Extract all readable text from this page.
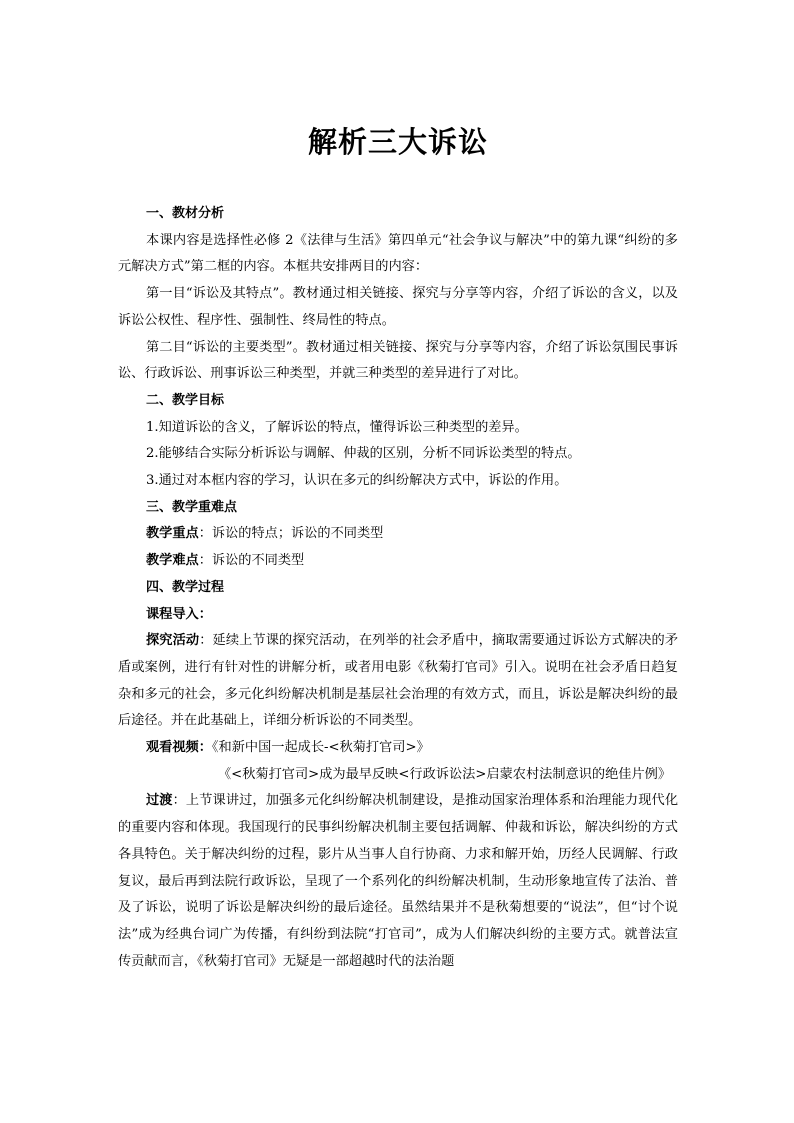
解析三大诉讼

一、教材分析

本课内容是选择性必修 2《法律与生活》第四单元“社会争议与解决”中的第九课“纠纷的多元解决方式”第二框的内容。本框共安排两目的内容：

第一目“诉讼及其特点”。教材通过相关链接、探究与分享等内容，介绍了诉讼的含义，以及诉讼公权性、程序性、强制性、终局性的特点。

第二目“诉讼的主要类型”。教材通过相关链接、探究与分享等内容，介绍了诉讼氛围民事诉讼、行政诉讼、刑事诉讼三种类型，并就三种类型的差异进行了对比。

二、教学目标

1.知道诉讼的含义，了解诉讼的特点，懂得诉讼三种类型的差异。

2.能够结合实际分析诉讼与调解、仲裁的区别，分析不同诉讼类型的特点。

3.通过对本框内容的学习，认识在多元的纠纷解决方式中，诉讼的作用。

三、教学重难点

教学重点：诉讼的特点；诉讼的不同类型

教学难点：诉讼的不同类型

四、教学过程

课程导入：

探究活动：延续上节课的探究活动，在列举的社会矛盾中，摘取需要通过诉讼方式解决的矛盾或案例，进行有针对性的讲解分析，或者用电影《秋菊打官司》引入。说明在社会矛盾日趋复杂和多元的社会，多元化纠纷解决机制是基层社会治理的有效方式，而且，诉讼是解决纠纷的最后途径。并在此基础上，详细分析诉讼的不同类型。

观看视频：《和新中国一起成长-<秋菊打官司>》

《<秋菊打官司>成为最早反映<行政诉讼法>启蒙农村法制意识的绝佳片例》

过渡：上节课讲过，加强多元化纠纷解决机制建设，是推动国家治理体系和治理能力现代化的重要内容和体现。我国现行的民事纠纷解决机制主要包括调解、仲裁和诉讼，解决纠纷的方式各具特色。关于解决纠纷的过程，影片从当事人自行协商、力求和解开始，历经人民调解、行政复议，最后再到法院行政诉讼，呈现了一个系列化的纠纷解决机制，生动形象地宣传了法治、普及了诉讼，说明了诉讼是解决纠纷的最后途径。虽然结果并不是秋菊想要的“说法”，但“讨个说法”成为经典台词广为传播，有纠纷到法院“打官司”，成为人们解决纠纷的主要方式。就普法宣传贡献而言，《秋菊打官司》无疑是一部超越时代的法治题
